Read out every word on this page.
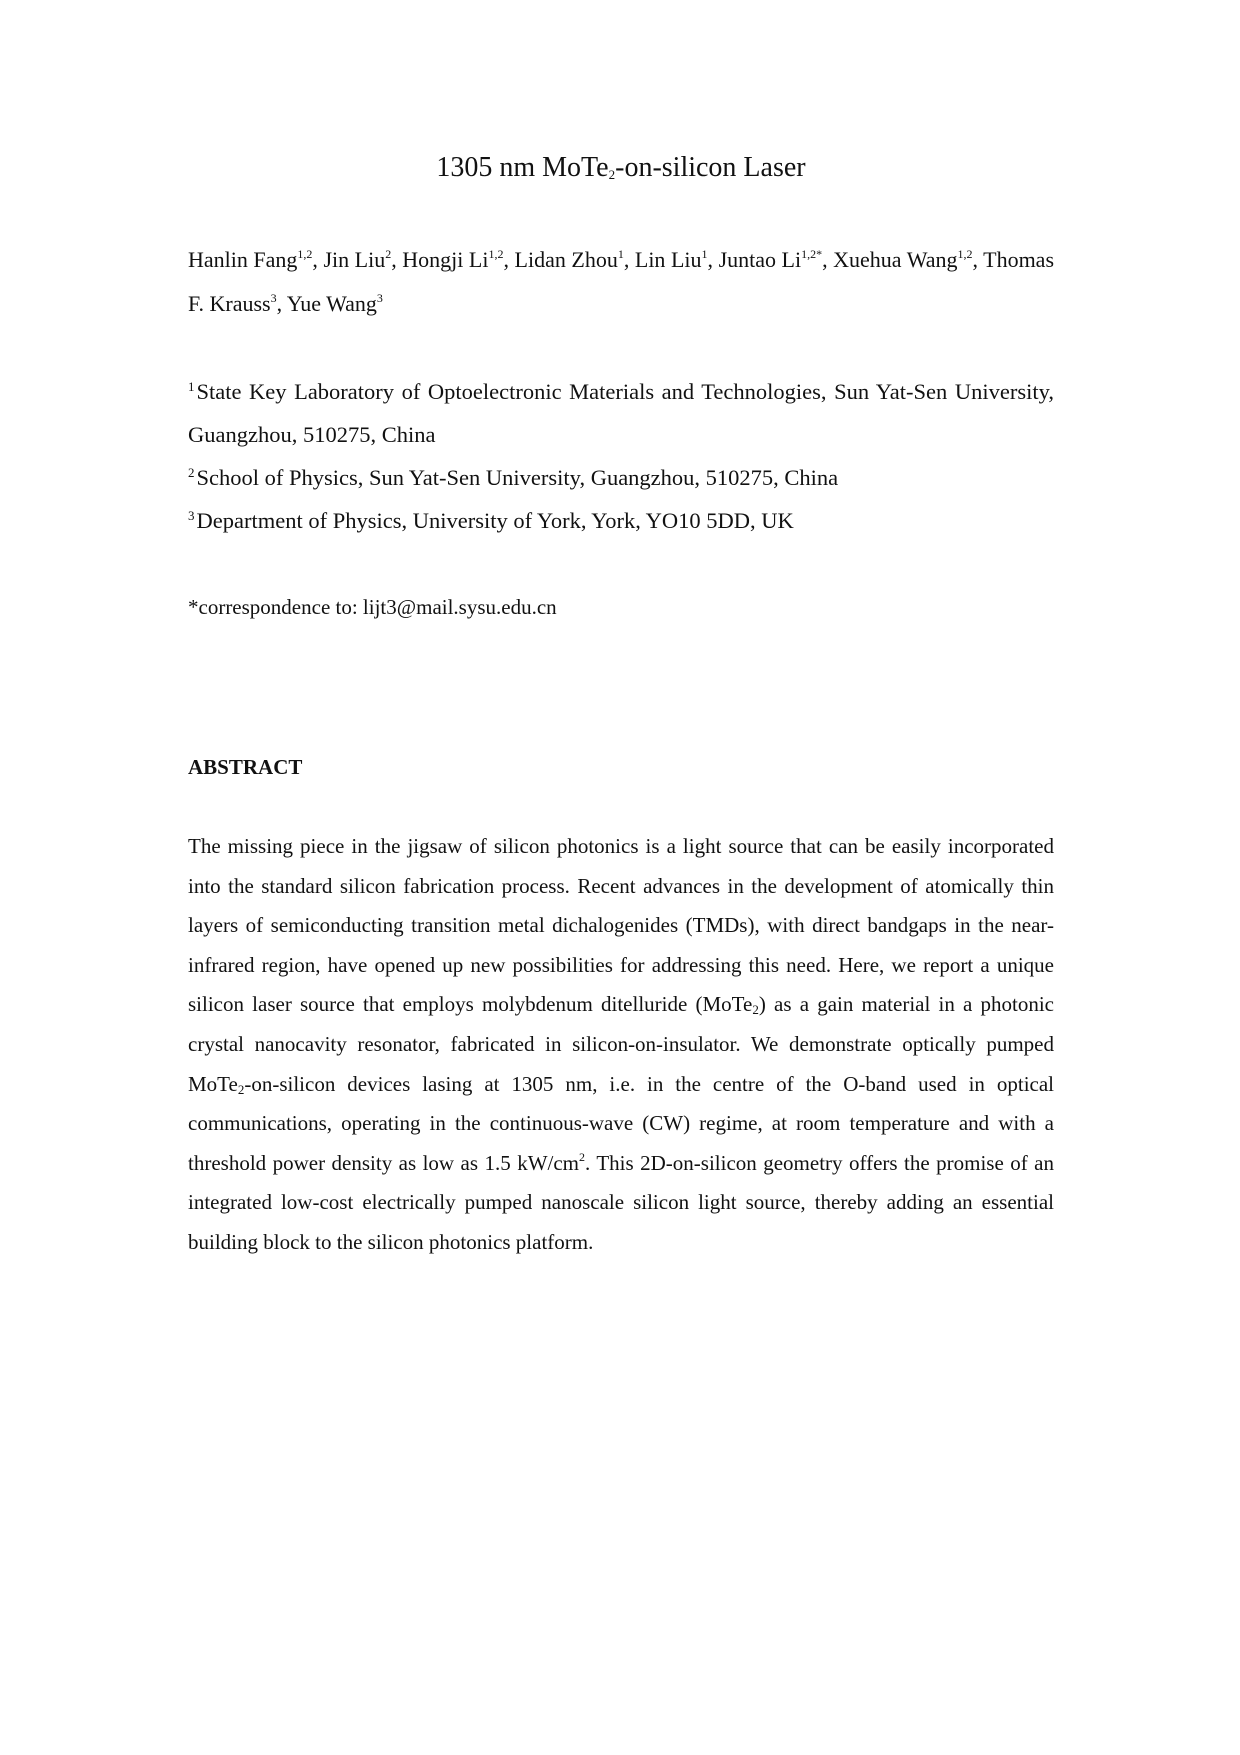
1305 nm MoTe$_2$-on-silicon Laser
Hanlin Fang$^{1,2}$, Jin Liu$^2$, Hongji Li$^{1,2}$, Lidan Zhou$^1$, Lin Liu$^1$, Juntao $Li^{1,2*}$, Xuehua Wang$^{1,2}$, Thomas F. Krauss$^3$, Yue Wang$^3$

$^1$State Key Laboratory of Optoelectronic Materials and Technologies, Sun Yat-Sen University, Guangzhou, 510275, China

$^2$School of Physics, Sun Yat-Sen University, Guangzhou, 510275, China

$^3$Department of Physics, University of York, York, YO10 5DD, UK

*correspondence to: lijt3@mail.sysu.edu.cn
ABSTRACT
The missing piece in the jigsaw of silicon photonics is a light source that can be easily incorporated into the standard silicon fabrication process. Recent advances in the development of atomically thin layers of semiconducting transition metal dichalogenides (TMDs), with direct bandgaps in the near-infrared region, have opened up new possibilities for addressing this need. Here, we report a unique silicon laser source that employs molybdenum ditelluride (MoTe$_2$) as a gain material in a photonic crystal nanocavity resonator, fabricated in silicon-on-insulator. We demonstrate optically pumped MoTe$_2$-on-silicon devices lasing at 1305 nm, i.e. in the centre of the O-band used in optical communications, operating in the continuous-wave (CW) regime, at room temperature and with a threshold power density as low as 1.5 $kW/cm^2$. This 2D-on-silicon geometry offers the promise of an integrated low-cost electrically pumped nanoscale silicon light source, thereby adding an essential building block to the silicon photonics platform.
